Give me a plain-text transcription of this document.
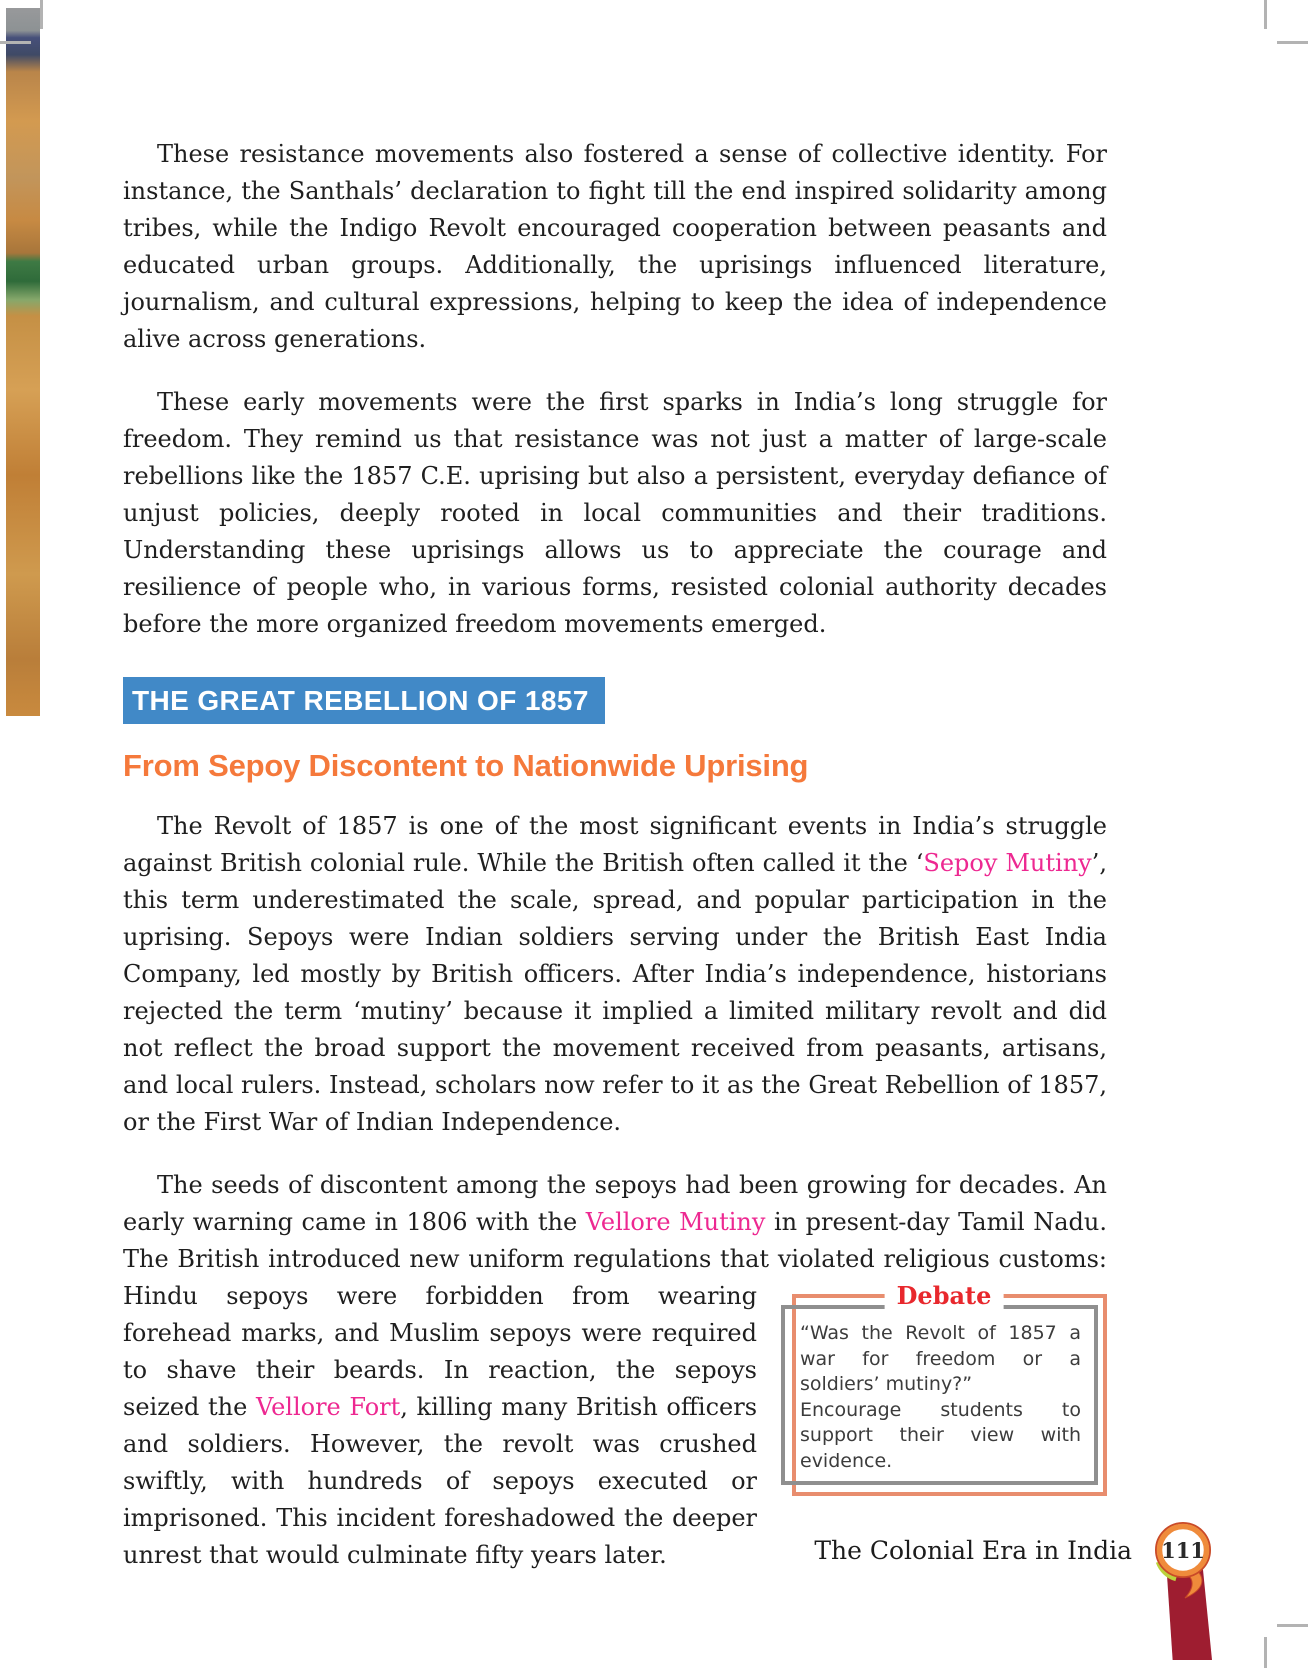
These resistance movements also fostered a sense of collective identity. For instance, the Santhals’ declaration to fight till the end inspired solidarity among tribes, while the Indigo Revolt encouraged cooperation between peasants and educated urban groups. Additionally, the uprisings influenced literature, journalism, and cultural expressions, helping to keep the idea of independence alive across generations.

These early movements were the first sparks in India’s long struggle for freedom. They remind us that resistance was not just a matter of large-scale rebellions like the 1857 C.E. uprising but also a persistent, everyday defiance of unjust policies, deeply rooted in local communities and their traditions. Understanding these uprisings allows us to appreciate the courage and resilience of people who, in various forms, resisted colonial authority decades before the more organized freedom movements emerged.

THE GREAT REBELLION OF 1857
From Sepoy Discontent to Nationwide Uprising

The Revolt of 1857 is one of the most significant events in India’s struggle against British colonial rule. While the British often called it the ‘Sepoy Mutiny’, this term underestimated the scale, spread, and popular participation in the uprising. Sepoys were Indian soldiers serving under the British East India Company, led mostly by British officers. After India’s independence, historians rejected the term ‘mutiny’ because it implied a limited military revolt and did not reflect the broad support the movement received from peasants, artisans, and local rulers. Instead, scholars now refer to it as the Great Rebellion of 1857, or the First War of Indian Independence.

The seeds of discontent among the sepoys had been growing for decades. An early warning came in 1806 with the Vellore Mutiny in present-day Tamil Nadu. The British introduced new uniform regulations that violated religious customs:
Debate
“Was the Revolt of 1857 a war for freedom or a soldiers’ mutiny?”
Encourage students to support their view with evidence.
Hindu sepoys were forbidden from wearing forehead marks, and Muslim sepoys were required to shave their beards. In reaction, the sepoys seized the Vellore Fort, killing many British officers and soldiers. However, the revolt was crushed swiftly, with hundreds of sepoys executed or imprisoned. This incident foreshadowed the deeper unrest that would culminate fifty years later.	The Colonial Era in India 111
